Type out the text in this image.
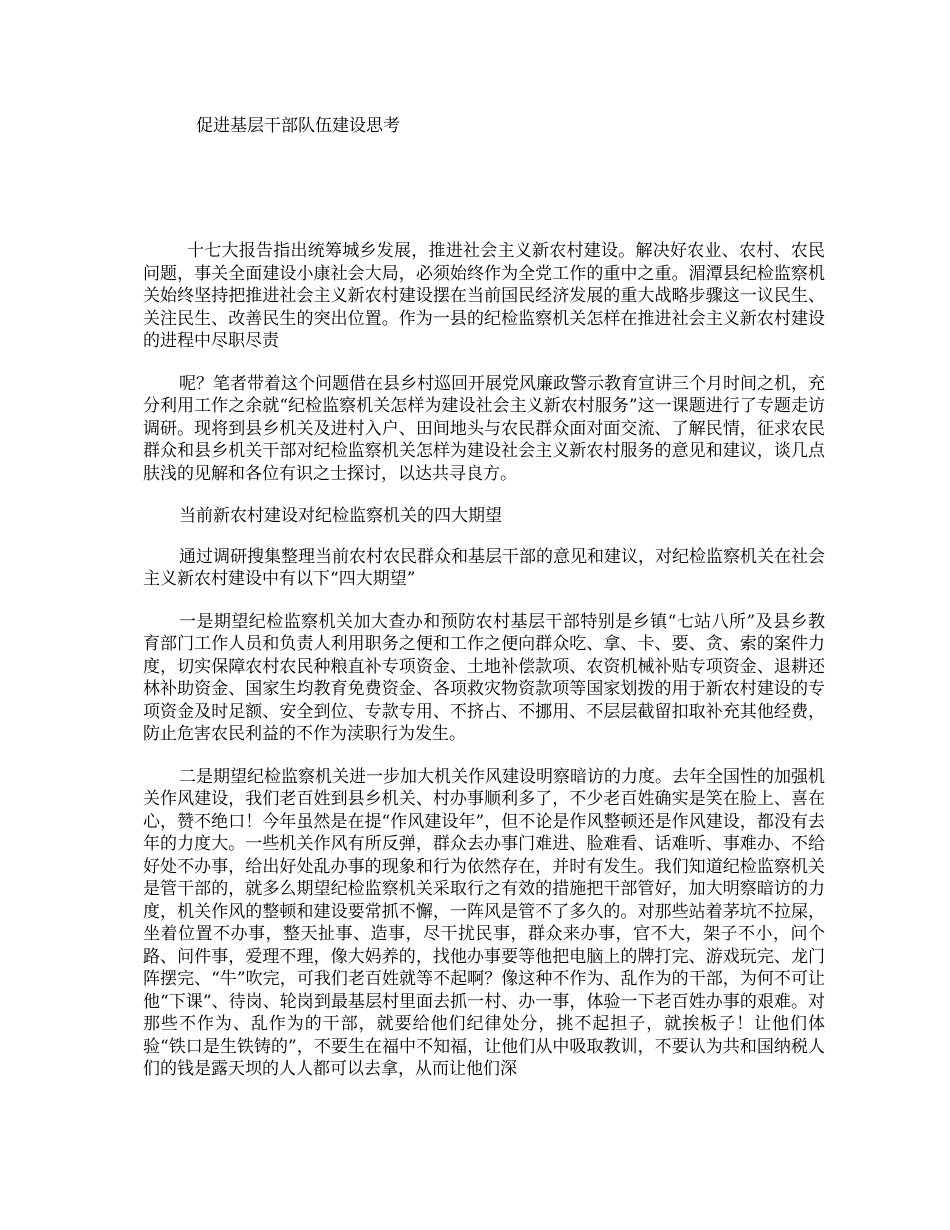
促进基层干部队伍建设思考

十七大报告指出统筹城乡发展，推进社会主义新农村建设。解决好农业、农村、农民问题，事关全面建设小康社会大局，必须始终作为全党工作的重中之重。湄潭县纪检监察机关始终坚持把推进社会主义新农村建设摆在当前国民经济发展的重大战略步骤这一议民生、关注民生、改善民生的突出位置。作为一县的纪检监察机关怎样在推进社会主义新农村建设的进程中尽职尽责

呢？笔者带着这个问题借在县乡村巡回开展党风廉政警示教育宣讲三个月时间之机，充分利用工作之余就“纪检监察机关怎样为建设社会主义新农村服务”这一课题进行了专题走访调研。现将到县乡机关及进村入户、田间地头与农民群众面对面交流、了解民情，征求农民群众和县乡机关干部对纪检监察机关怎样为建设社会主义新农村服务的意见和建议，谈几点肤浅的见解和各位有识之士探讨，以达共寻良方。

当前新农村建设对纪检监察机关的四大期望

通过调研搜集整理当前农村农民群众和基层干部的意见和建议，对纪检监察机关在社会主义新农村建设中有以下“四大期望”

一是期望纪检监察机关加大查办和预防农村基层干部特别是乡镇“七站八所”及县乡教育部门工作人员和负责人利用职务之便和工作之便向群众吃、拿、卡、要、贪、索的案件力度，切实保障农村农民种粮直补专项资金、土地补偿款项、农资机械补贴专项资金、退耕还林补助资金、国家生均教育免费资金、各项救灾物资款项等国家划拨的用于新农村建设的专项资金及时足额、安全到位、专款专用、不挤占、不挪用、不层层截留扣取补充其他经费，防止危害农民利益的不作为渎职行为发生。

二是期望纪检监察机关进一步加大机关作风建设明察暗访的力度。去年全国性的加强机关作风建设，我们老百姓到县乡机关、村办事顺利多了，不少老百姓确实是笑在脸上、喜在心，赞不绝口！今年虽然是在提“作风建设年”，但不论是作风整顿还是作风建设，都没有去年的力度大。一些机关作风有所反弹，群众去办事门难进、脸难看、话难听、事难办、不给好处不办事，给出好处乱办事的现象和行为依然存在，并时有发生。我们知道纪检监察机关是管干部的，就多么期望纪检监察机关采取行之有效的措施把干部管好，加大明察暗访的力度，机关作风的整顿和建设要常抓不懈，一阵风是管不了多久的。对那些站着茅坑不拉屎，坐着位置不办事，整天扯事、造事，尽干扰民事，群众来办事，官不大，架子不小，问个路、问件事，爱理不理，像大妈养的，找他办事要等他把电脑上的牌打完、游戏玩完、龙门阵摆完、“牛”吹完，可我们老百姓就等不起啊？像这种不作为、乱作为的干部，为何不可让他“下课”、待岗、轮岗到最基层村里面去抓一村、办一事，体验一下老百姓办事的艰难。对那些不作为、乱作为的干部，就要给他们纪律处分，挑不起担子，就挨板子！让他们体验“铁口是生铁铸的”，不要生在福中不知福，让他们从中吸取教训，不要认为共和国纳税人们的钱是露天坝的人人都可以去拿，从而让他们深
